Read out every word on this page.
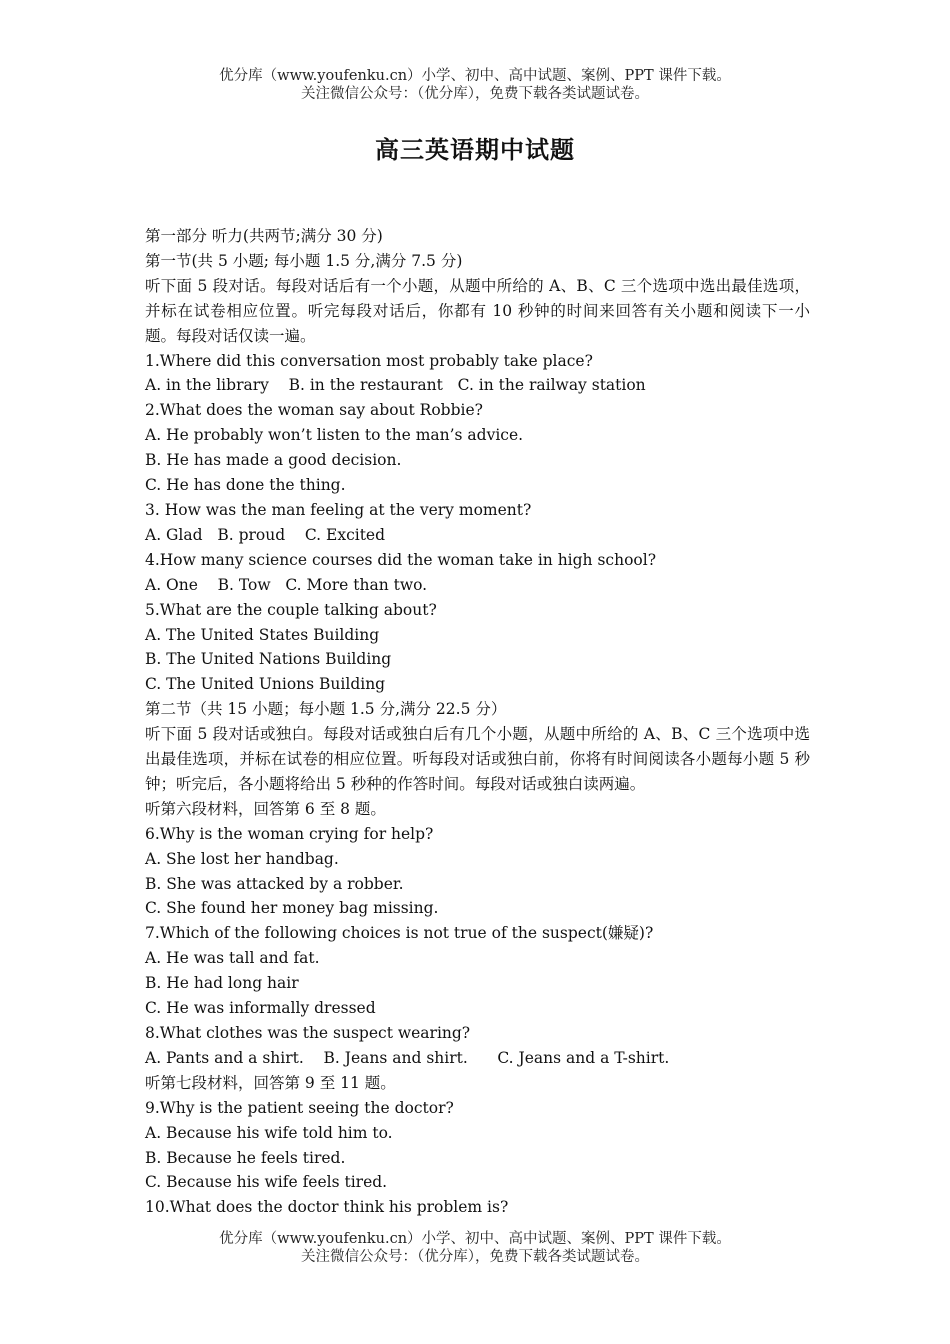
优分库（www.youfenku.cn）小学、初中、高中试题、案例、PPT 课件下载。
关注微信公众号：（优分库），免费下载各类试题试卷。
高三英语期中试题
第一部分 听力(共两节;满分 30 分)
第一节(共 5 小题; 每小题 1.5 分,满分 7.5 分)
听下面 5 段对话。每段对话后有一个小题，从题中所给的 A、B、C 三个选项中选出最佳选项，并标在试卷相应位置。听完每段对话后，你都有 10 秒钟的时间来回答有关小题和阅读下一小题。每段对话仅读一遍。
1.Where did this conversation most probably take place?
A. in the library    B. in the restaurant   C. in the railway station
2.What does the woman say about Robbie?
A. He probably won’t listen to the man’s advice.
B. He has made a good decision.
C. He has done the thing.
3. How was the man feeling at the very moment?
A. Glad   B. proud    C. Excited
4.How many science courses did the woman take in high school?
A. One    B. Tow   C. More than two.
5.What are the couple talking about?
A. The United States Building
B. The United Nations Building
C. The United Unions Building
第二节（共 15 小题；每小题 1.5 分,满分 22.5 分）
听下面 5 段对话或独白。每段对话或独白后有几个小题，从题中所给的 A、B、C 三个选项中选出最佳选项，并标在试卷的相应位置。听每段对话或独白前，你将有时间阅读各小题每小题 5 秒钟；听完后，各小题将给出 5 秒种的作答时间。每段对话或独白读两遍。
听第六段材料，回答第 6 至 8 题。
6.Why is the woman crying for help?
A. She lost her handbag.
B. She was attacked by a robber.
C. She found her money bag missing.
7.Which of the following choices is not true of the suspect(嫌疑)?
A. He was tall and fat.
B. He had long hair
C. He was informally dressed
8.What clothes was the suspect wearing?
A. Pants and a shirt.    B. Jeans and shirt.      C. Jeans and a T-shirt.
听第七段材料，回答第 9 至 11 题。
9.Why is the patient seeing the doctor?
A. Because his wife told him to.
B. Because he feels tired.
C. Because his wife feels tired.
10.What does the doctor think his problem is?
优分库（www.youfenku.cn）小学、初中、高中试题、案例、PPT 课件下载。
关注微信公众号：（优分库），免费下载各类试题试卷。
